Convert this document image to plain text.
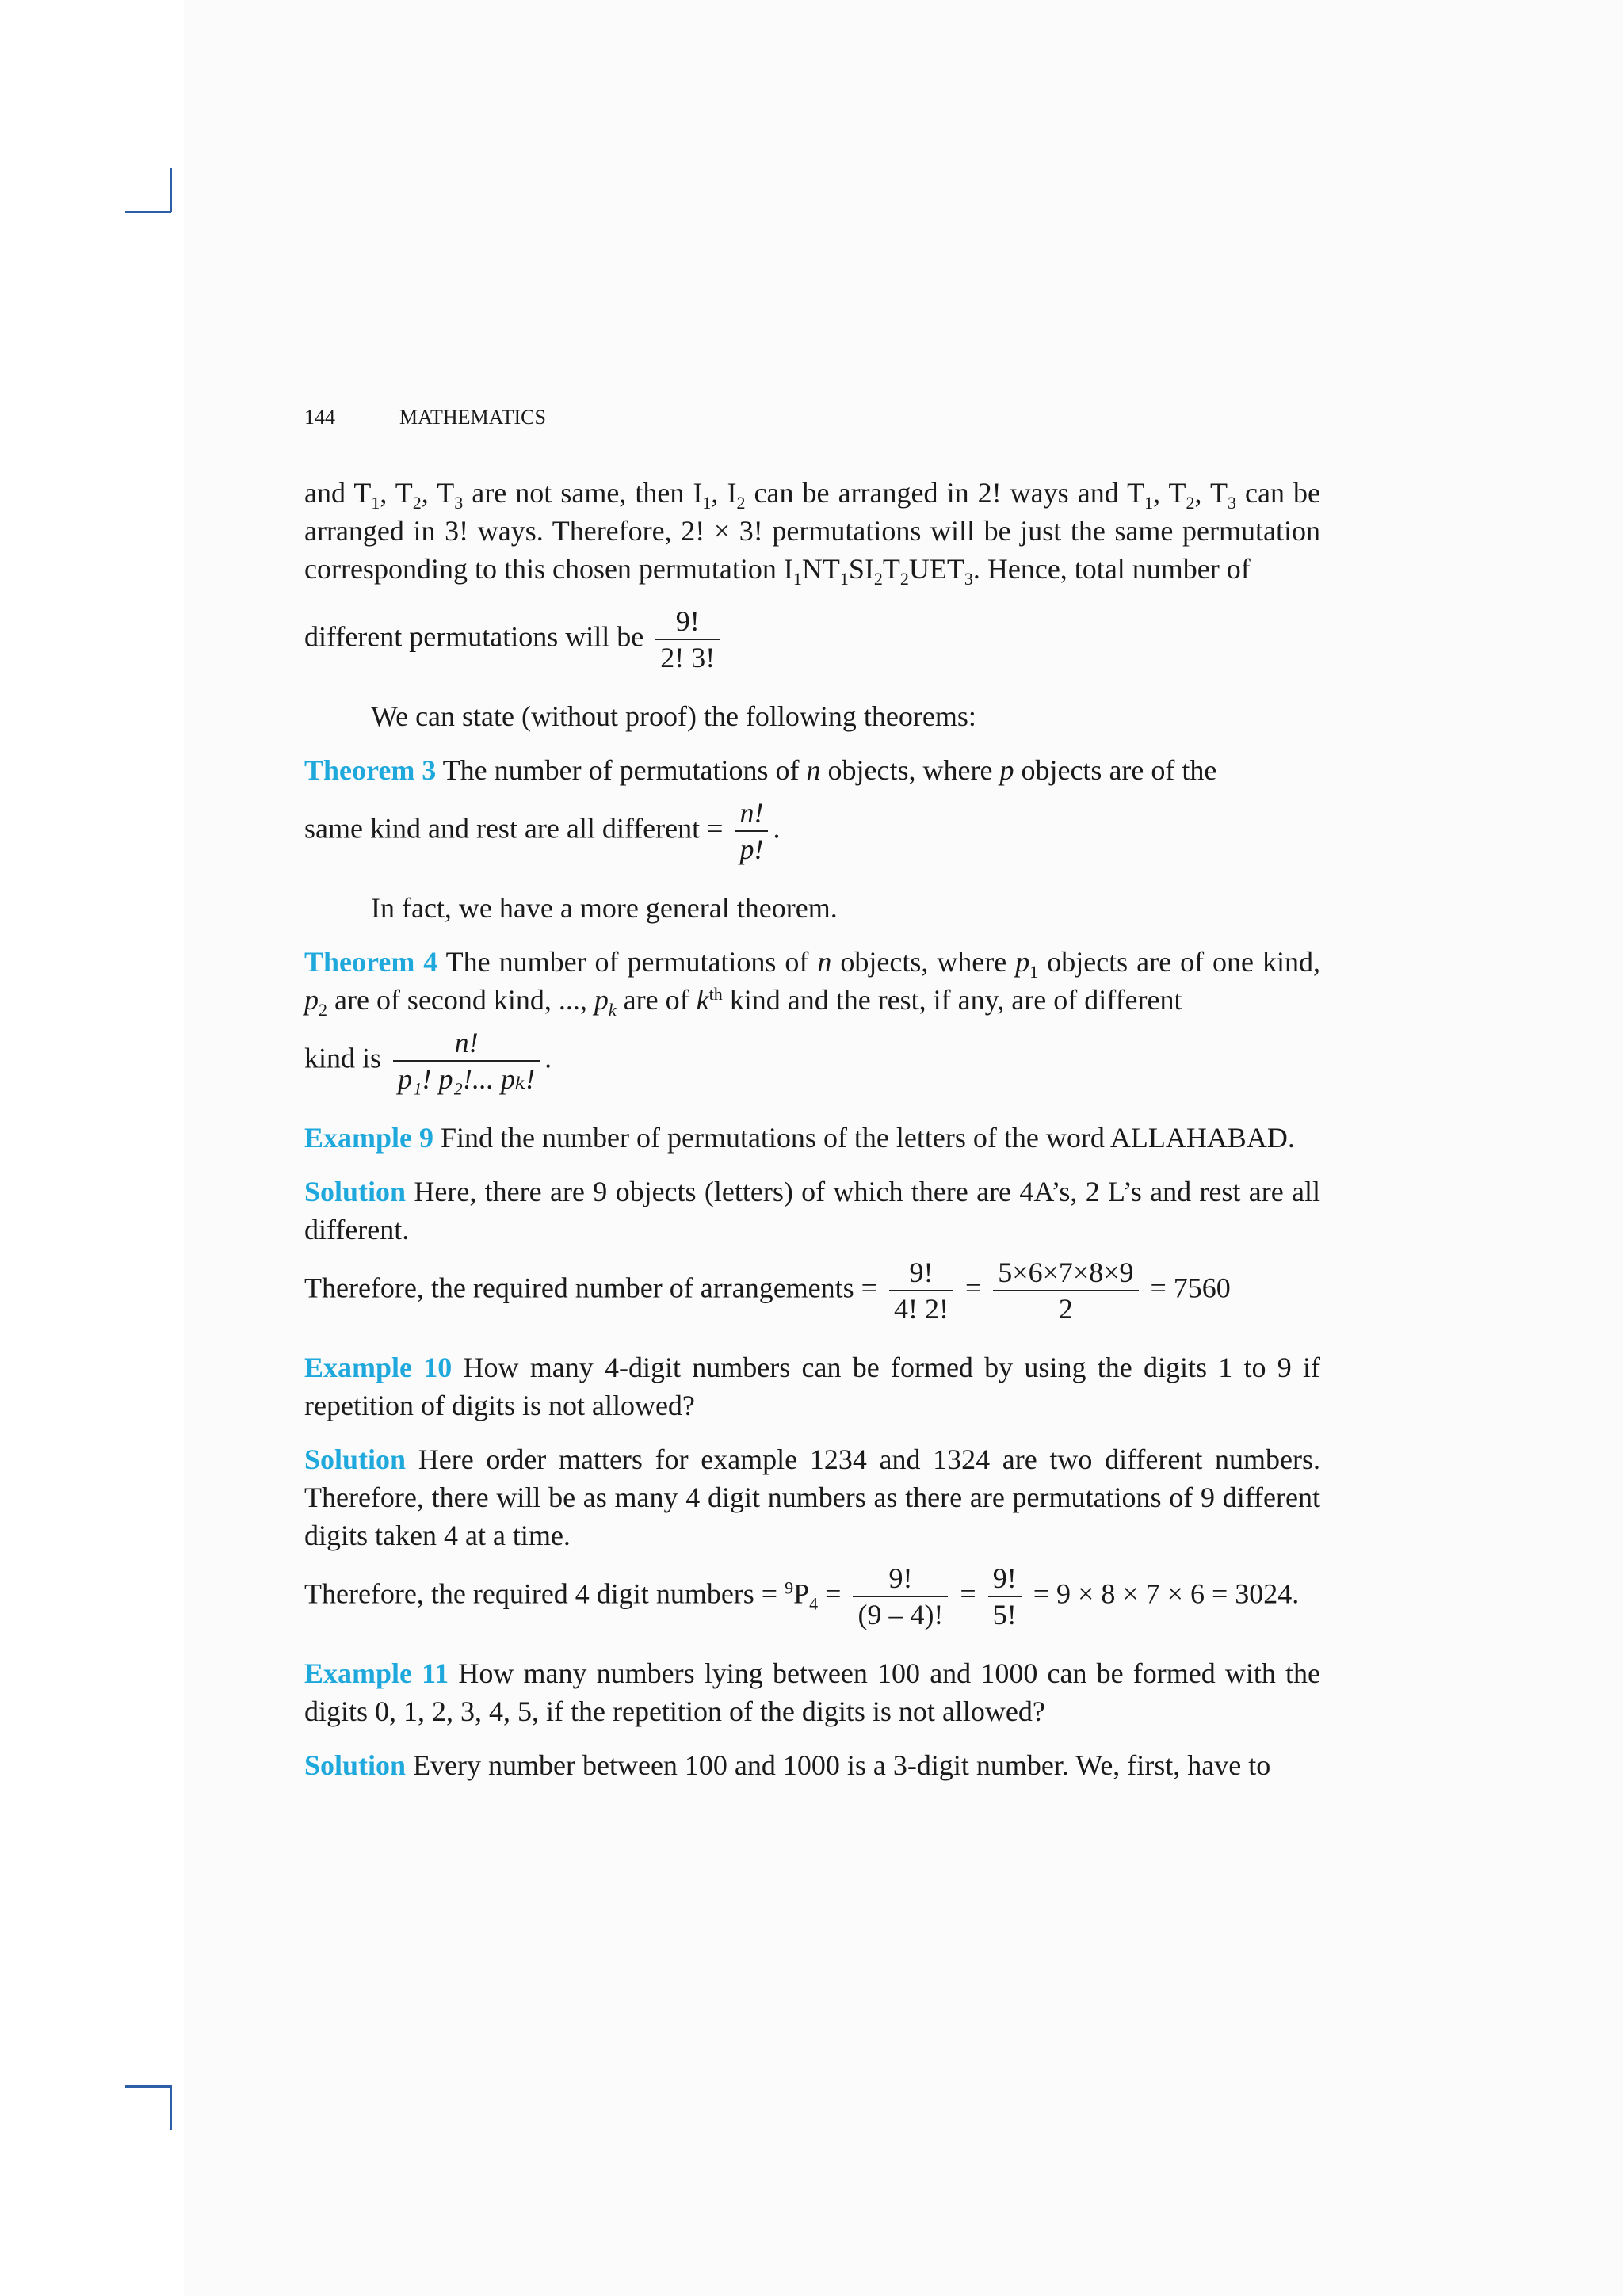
144	MATHEMATICS

and $T_1$, $T_2$, $T_3$ are not same, then $I_1$, $I_2$ can be arranged in 2! ways and $T_1$, $T_2$, $T_3$ can be arranged in 3! ways. Therefore, 2! × 3! permutations will be just the same permutation corresponding to this chosen permutation $I_1NT_1SI_2T_2UET_3$. Hence, total number of

different permutations will be $\frac{9!}{2! 3!}$

We can state (without proof) the following theorems:

Theorem 3 The number of permutations of n objects, where p objects are of the

same kind and rest are all different = $\frac{n!}{p!}$ .

In fact, we have a more general theorem.

Theorem 4 The number of permutations of n objects, where $p_1$ objects are of one kind, $p_2$ are of second kind, ..., $p_k$ are of $k^{th}$ kind and the rest, if any, are of different

kind is $\frac{n!}{\text{p₁! p₂!... pₖ!}}$ .

Example 9 Find the number of permutations of the letters of the word ALLAHABAD.

Solution Here, there are 9 objects (letters) of which there are 4A’s, 2 L’s and rest are all different.

Therefore, the required number of arrangements = $\frac{9!}{4! 2!} = \frac{5\times 6\times 7\times 8\times 9}{2} = 7560$

Example 10 How many 4-digit numbers can be formed by using the digits 1 to 9 if repetition of digits is not allowed?

Solution Here order matters for example 1234 and 1324 are two different numbers. Therefore, there will be as many 4 digit numbers as there are permutations of 9 different digits taken 4 at a time.

Therefore, the required 4 digit numbers = $^9P_4 = \frac{9!}{(9 - 4)!} = \frac{9!}{5!} = 9 \times 8 \times 7 \times 6 = 3024$.

Example 11 How many numbers lying between 100 and 1000 can be formed with the digits 0, 1, 2, 3, 4, 5, if the repetition of the digits is not allowed?

Solution Every number between 100 and 1000 is a 3-digit number. We, first, have to
